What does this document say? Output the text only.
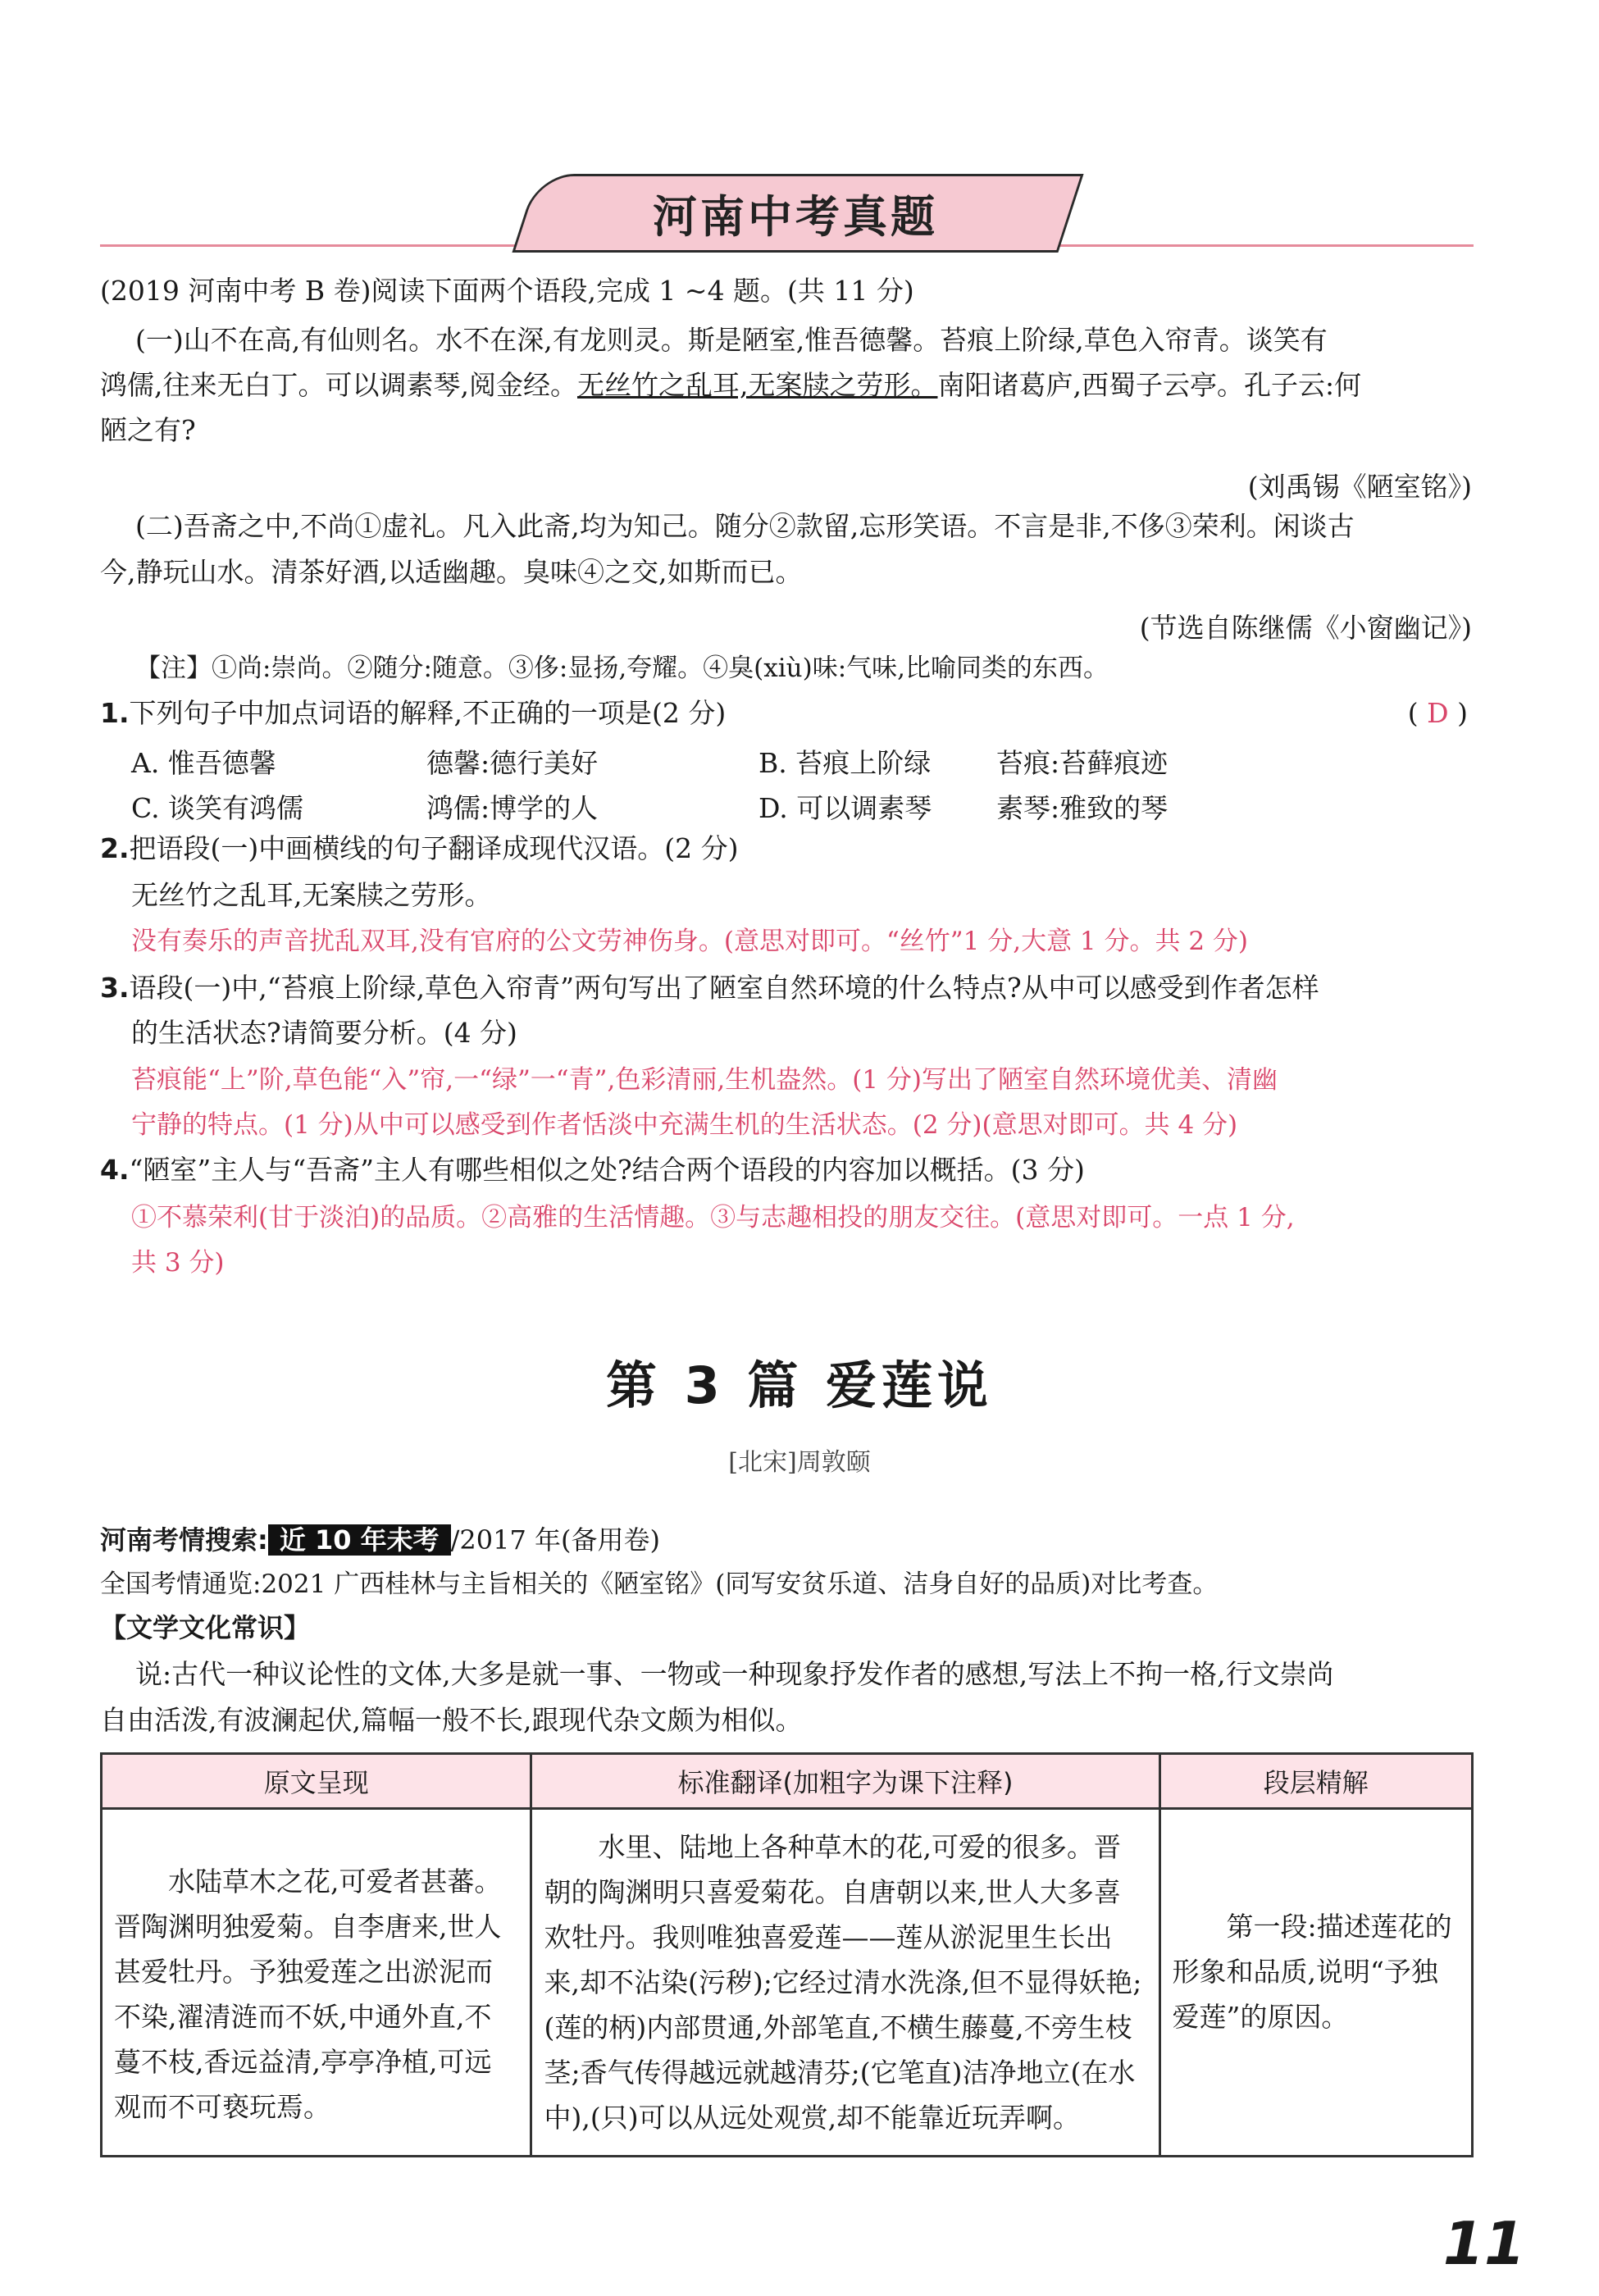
河南中考真题
(2019 河南中考 B 卷)阅读下面两个语段,完成 1 ~4 题。(共 11 分)
(一)山不在高,有仙则名。水不在深,有龙则灵。斯是陋室,惟吾德馨。苔痕上阶绿,草色入帘青。谈笑有
鸿儒,往来无白丁。可以调素琴,阅金经。无丝竹之乱耳,无案牍之劳形。南阳诸葛庐,西蜀子云亭。孔子云:何
陋之有?
(刘禹锡《陋室铭》)
(二)吾斋之中,不尚①虚礼。凡入此斋,均为知己。随分②款留,忘形笑语。不言是非,不侈③荣利。闲谈古
今,静玩山水。清茶好酒,以适幽趣。臭味④之交,如斯而已。
(节选自陈继儒《小窗幽记》)
【注】①尚:崇尚。②随分:随意。③侈:显扬,夸耀。④臭(xiù)味:气味,比喻同类的东西。
1.下列句子中加点词语的解释,不正确的一项是(2 分)	( D )
A. 惟吾德馨	德馨:德行美好	B. 苔痕上阶绿 苔痕:苔藓痕迹
C. 谈笑有鸿儒	鸿儒:博学的人	D. 可以调素琴 素琴:雅致的琴
2.把语段(一)中画横线的句子翻译成现代汉语。(2 分)
无丝竹之乱耳,无案牍之劳形。
没有奏乐的声音扰乱双耳,没有官府的公文劳神伤身。(意思对即可。“丝竹”1 分,大意 1 分。共 2 分)
3.语段(一)中,“苔痕上阶绿,草色入帘青”两句写出了陋室自然环境的什么特点?从中可以感受到作者怎样
的生活状态?请简要分析。(4 分)
苔痕能“上”阶,草色能“入”帘,一“绿”一“青”,色彩清丽,生机盎然。(1 分)写出了陋室自然环境优美、清幽
宁静的特点。(1 分)从中可以感受到作者恬淡中充满生机的生活状态。(2 分)(意思对即可。共 4 分)
4.“陋室”主人与“吾斋”主人有哪些相似之处?结合两个语段的内容加以概括。(3 分)
①不慕荣利(甘于淡泊)的品质。②高雅的生活情趣。③与志趣相投的朋友交往。(意思对即可。一点 1 分,
共 3 分)
第 3 篇 爱莲说
[北宋]周敦颐
河南考情搜索: 近 10 年未考 /2017 年(备用卷)
全国考情通览:2021 广西桂林与主旨相关的《陋室铭》(同写安贫乐道、洁身自好的品质)对比考查。
【文学文化常识】
说:古代一种议论性的文体,大多是就一事、一物或一种现象抒发作者的感想,写法上不拘一格,行文崇尚
自由活泼,有波澜起伏,篇幅一般不长,跟现代杂文颇为相似。
原文呈现	标准翻译(加粗字为课下注释)	段层精解

水陆草木之花,可爱者甚蕃。晋陶渊明独爱菊。自李唐来,世人甚爱牡丹。予独爱莲之出淤泥而不染,濯清涟而不妖,中通外直,不蔓不枝,香远益清,亭亭净植,可远观而不可亵玩焉。	水里、陆地上各种草木的花,可爱的很多。晋朝的陶渊明只喜爱菊花。自唐朝以来,世人大多喜欢牡丹。我则唯独喜爱莲——莲从淤泥里生长出来,却不沾染(污秽);它经过清水洗涤,但不显得妖艳;(莲的柄)内部贯通,外部笔直,不横生藤蔓,不旁生枝茎;香气传得越远就越清芬;(它笔直)洁净地立(在水中),(只)可以从远处观赏,却不能靠近玩弄啊。	第一段:描述莲花的形象和品质,说明“予独爱莲”的原因。
11
